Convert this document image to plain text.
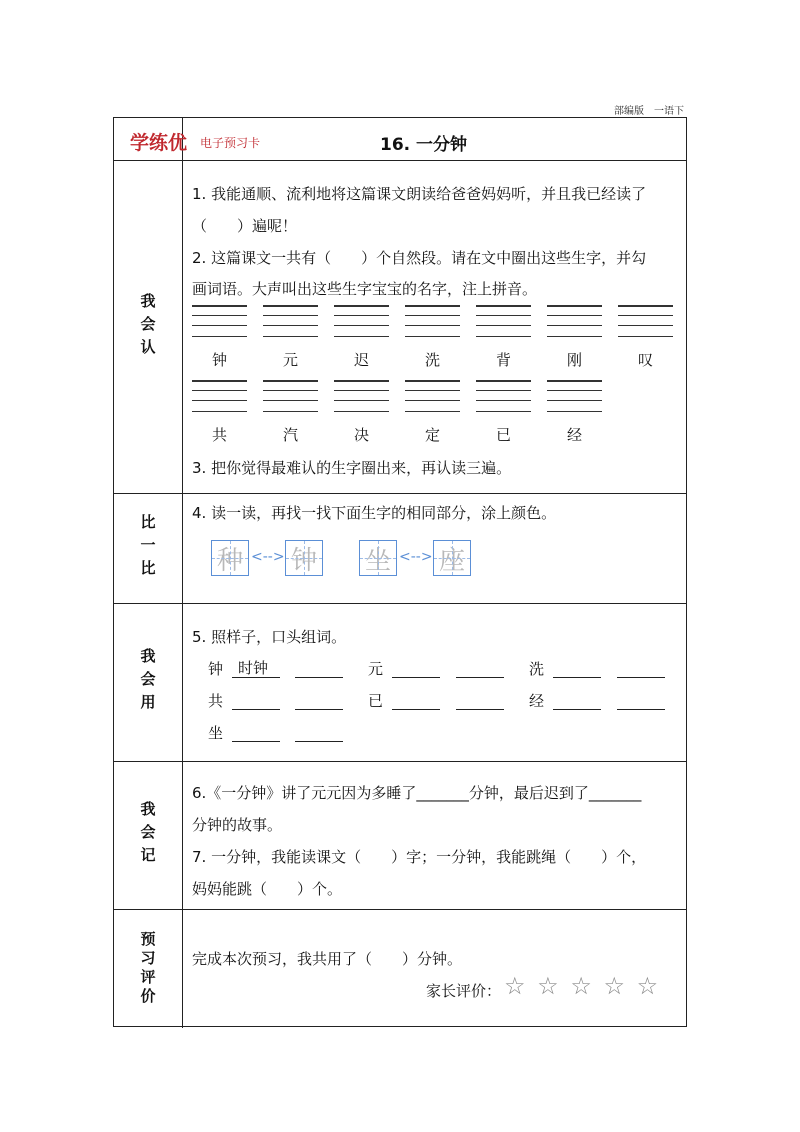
部编版　一语下
学练优 电子预习卡	16. 一分钟
我会认
1. 我能通顺、流利地将这篇课文朗读给爸爸妈妈听，并且我已经读了
（　　）遍呢！
2. 这篇课文一共有（　　）个自然段。请在文中圈出这些生字，并勾
画词语。大声叫出这些生字宝宝的名字，注上拼音。
钟	元	迟	洗	背	刚	叹
共	汽	决	定	已	经
3. 把你觉得最难认的生字圈出来，再认读三遍。
比一比
4. 读一读，再找一找下面生字的相同部分，涂上颜色。
种 <--> 钟 坐 <--> 座
我会用
5. 照样子，口头组词。
钟 时钟	元	洗
共	已	经
坐
我会记
6.《一分钟》讲了元元因为多睡了_______分钟，最后迟到了_______
分钟的故事。
7. 一分钟，我能读课文（　　）字；一分钟，我能跳绳（　　）个，
妈妈能跳（　　）个。
预习评价	完成本次预习，我共用了（　　）分钟。
家长评价： ☆ ☆ ☆ ☆ ☆
